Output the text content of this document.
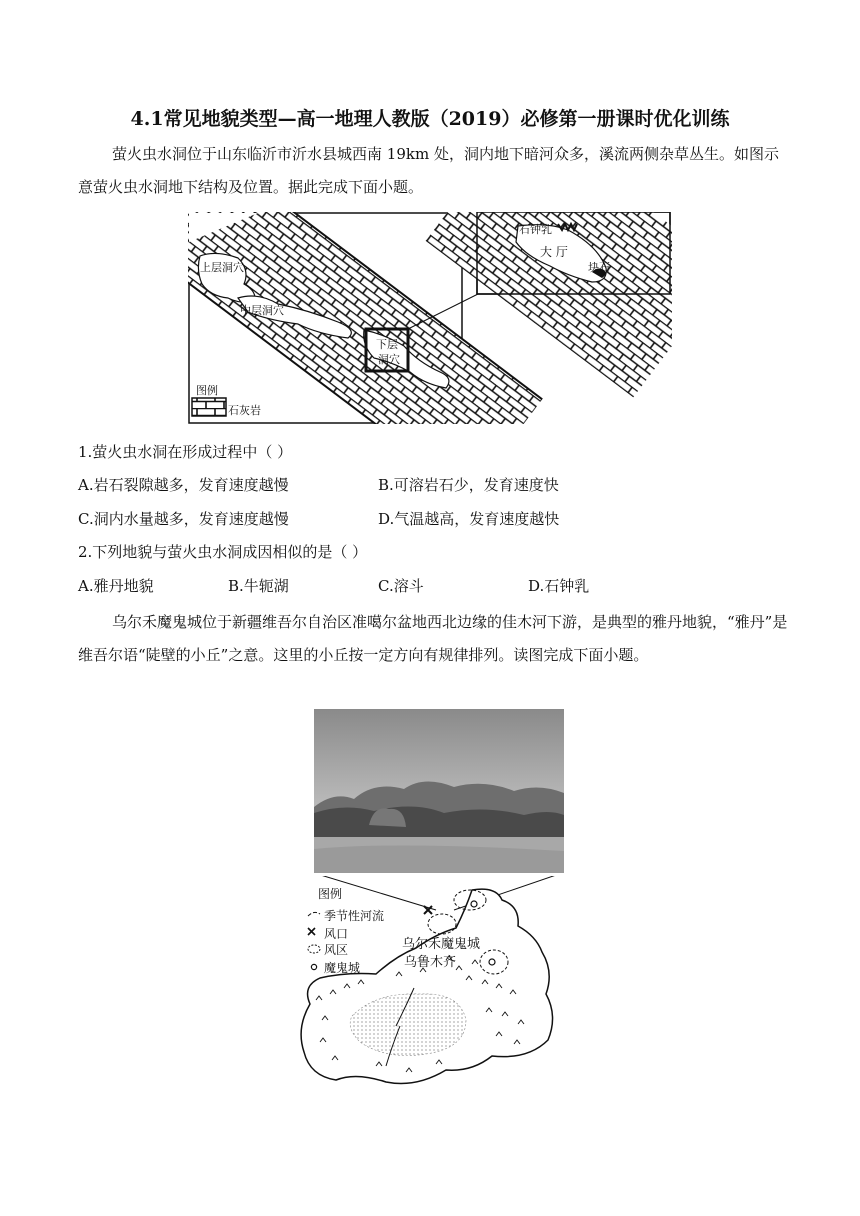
4.1常见地貌类型—高一地理人教版（2019）必修第一册课时优化训练
萤火虫水洞位于山东临沂市沂水县城西南 19km 处，洞内地下暗河众多，溪流两侧杂草丛生。如图示意萤火虫水洞地下结构及位置。据此完成下面小题。
上层洞穴
中层洞穴
下层
洞穴
图例
石灰岩
石钟乳
大 厅
块石
1.萤火虫水洞在形成过程中（ ）
A.岩石裂隙越多，发育速度越慢	B.可溶岩石少，发育速度快
C.洞内水量越多，发育速度越慢	D.气温越高，发育速度越快
2.下列地貌与萤火虫水洞成因相似的是（ ）
A.雅丹地貌	B.牛轭湖	C.溶斗	D.石钟乳
乌尔禾魔鬼城位于新疆维吾尔自治区准噶尔盆地西北边缘的佳木河下游，是典型的雅丹地貌，“雅丹”是维吾尔语“陡壁的小丘”之意。这里的小丘按一定方向有规律排列。读图完成下面小题。
图例
季节性河流
风口
风区
魔鬼城
乌尔禾魔鬼城
乌鲁木齐
